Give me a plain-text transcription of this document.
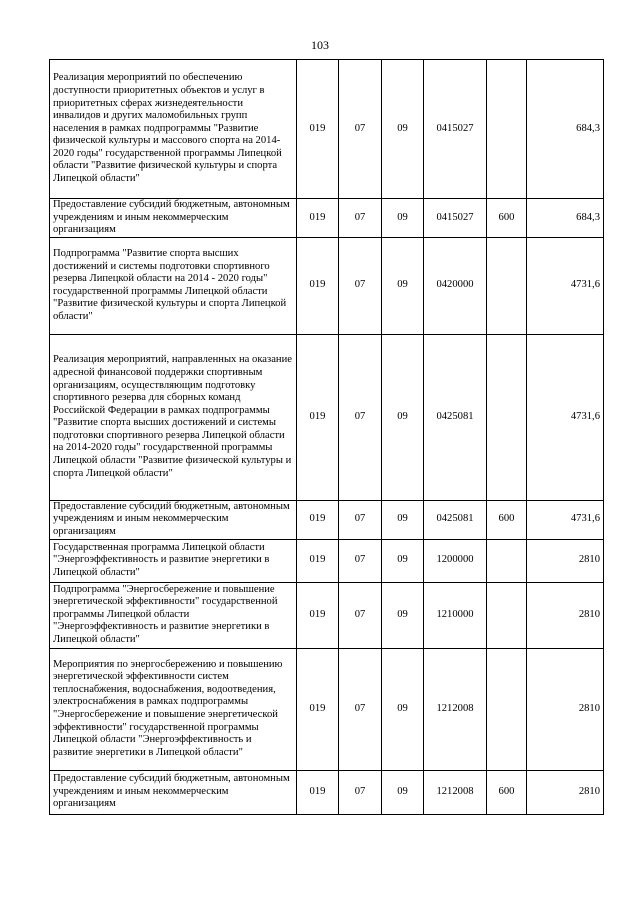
103
Реализация мероприятий по обеспечению доступности приоритетных объектов и услуг в приоритетных сферах жизнедеятельности инвалидов и других маломобильных групп населения в рамках подпрограммы "Развитие физической культуры и массового спорта на 2014-2020 годы" государственной программы Липецкой области "Развитие физической культуры и спорта Липецкой области"	019	07	09	0415027		684,3
Предоставление субсидий бюджетным, автономным учреждениям и иным некоммерческим организациям	019	07	09	0415027	600	684,3
Подпрограмма "Развитие спорта высших достижений и системы подготовки спортивного резерва Липецкой области на 2014 - 2020 годы" государственной программы Липецкой области "Развитие физической культуры и спорта Липецкой области"	019	07	09	0420000		4731,6
Реализация мероприятий, направленных на оказание адресной финансовой поддержки спортивным организациям, осуществляющим подготовку спортивного резерва для сборных команд Российской Федерации в рамках подпрограммы "Развитие спорта высших достижений и системы подготовки спортивного резерва Липецкой области на 2014-2020 годы" государственной программы Липецкой области "Развитие физической культуры и спорта Липецкой области"	019	07	09	0425081		4731,6
Предоставление субсидий бюджетным, автономным учреждениям и иным некоммерческим организациям	019	07	09	0425081	600	4731,6
Государственная программа Липецкой области "Энергоэффективность и развитие энергетики в Липецкой области"	019	07	09	1200000		2810
Подпрограмма "Энергосбережение и повышение энергетической эффективности" государственной программы Липецкой области "Энергоэффективность и развитие энергетики в Липецкой области"	019	07	09	1210000		2810
Мероприятия по энергосбережению и повышению энергетической эффективности систем теплоснабжения, водоснабжения, водоотведения, электроснабжения в рамках подпрограммы "Энергосбережение и повышение энергетической эффективности" государственной программы Липецкой области "Энергоэффективность и развитие энергетики в Липецкой области"	019	07	09	1212008		2810
Предоставление субсидий бюджетным, автономным учреждениям и иным некоммерческим организациям	019	07	09	1212008	600	2810
